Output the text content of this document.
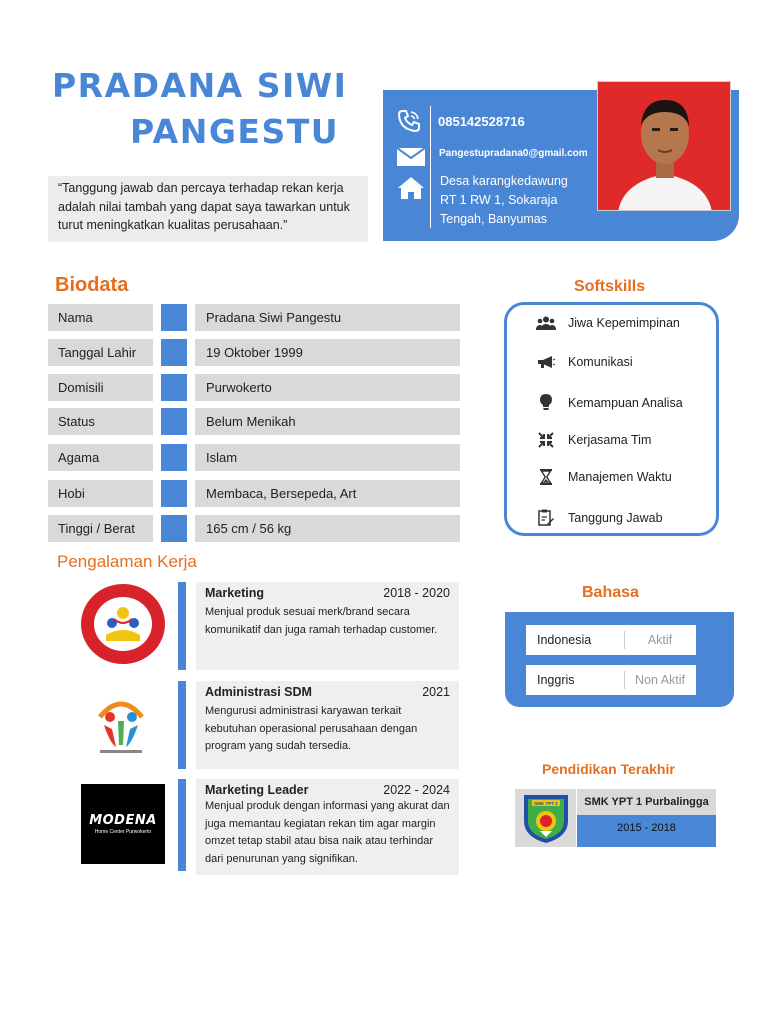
PRADANA SIWI
PANGESTU
“Tanggung jawab dan percaya terhadap rekan kerja adalah nilai tambah yang dapat saya tawarkan untuk turut meningkatkan kualitas perusahaan.”
085142528716
Pangestupradana0@gmail.com
Desa karangkedawung
RT 1 RW 1, Sokaraja
Tengah, Banyumas
Biodata
Nama	Pradana Siwi Pangestu
Tanggal Lahir	19 Oktober 1999
Domisili	Purwokerto
Status	Belum Menikah
Agama	Islam
Hobi	Membaca, Bersepeda, Art
Tinggi / Berat	165 cm / 56 kg
Pengalaman Kerja
Marketing	2018 - 2020
Menjual produk sesuai merk/brand secara komunikatif dan juga ramah terhadap customer.
Administrasi SDM	2021
Mengurusi administrasi karyawan terkait kebutuhan operasional perusahaan dengan program yang sudah tersedia.
MODENA
Home Center Purwokerto
Marketing Leader	2022 - 2024
Menjual produk dengan informasi yang akurat dan juga memantau kegiatan rekan tim agar margin omzet tetap stabil atau bisa naik atau terhindar dari penurunan yang signifikan.
Softskills
Jiwa Kepemimpinan
Komunikasi
Kemampuan Analisa
Kerjasama Tim
Manajemen Waktu
Tanggung Jawab
Bahasa
Indonesia	Aktif
Inggris	Non Aktif
Pendidikan Terakhir
SMK YPT 1	SMK YPT 1 Purbalingga
2015 - 2018
